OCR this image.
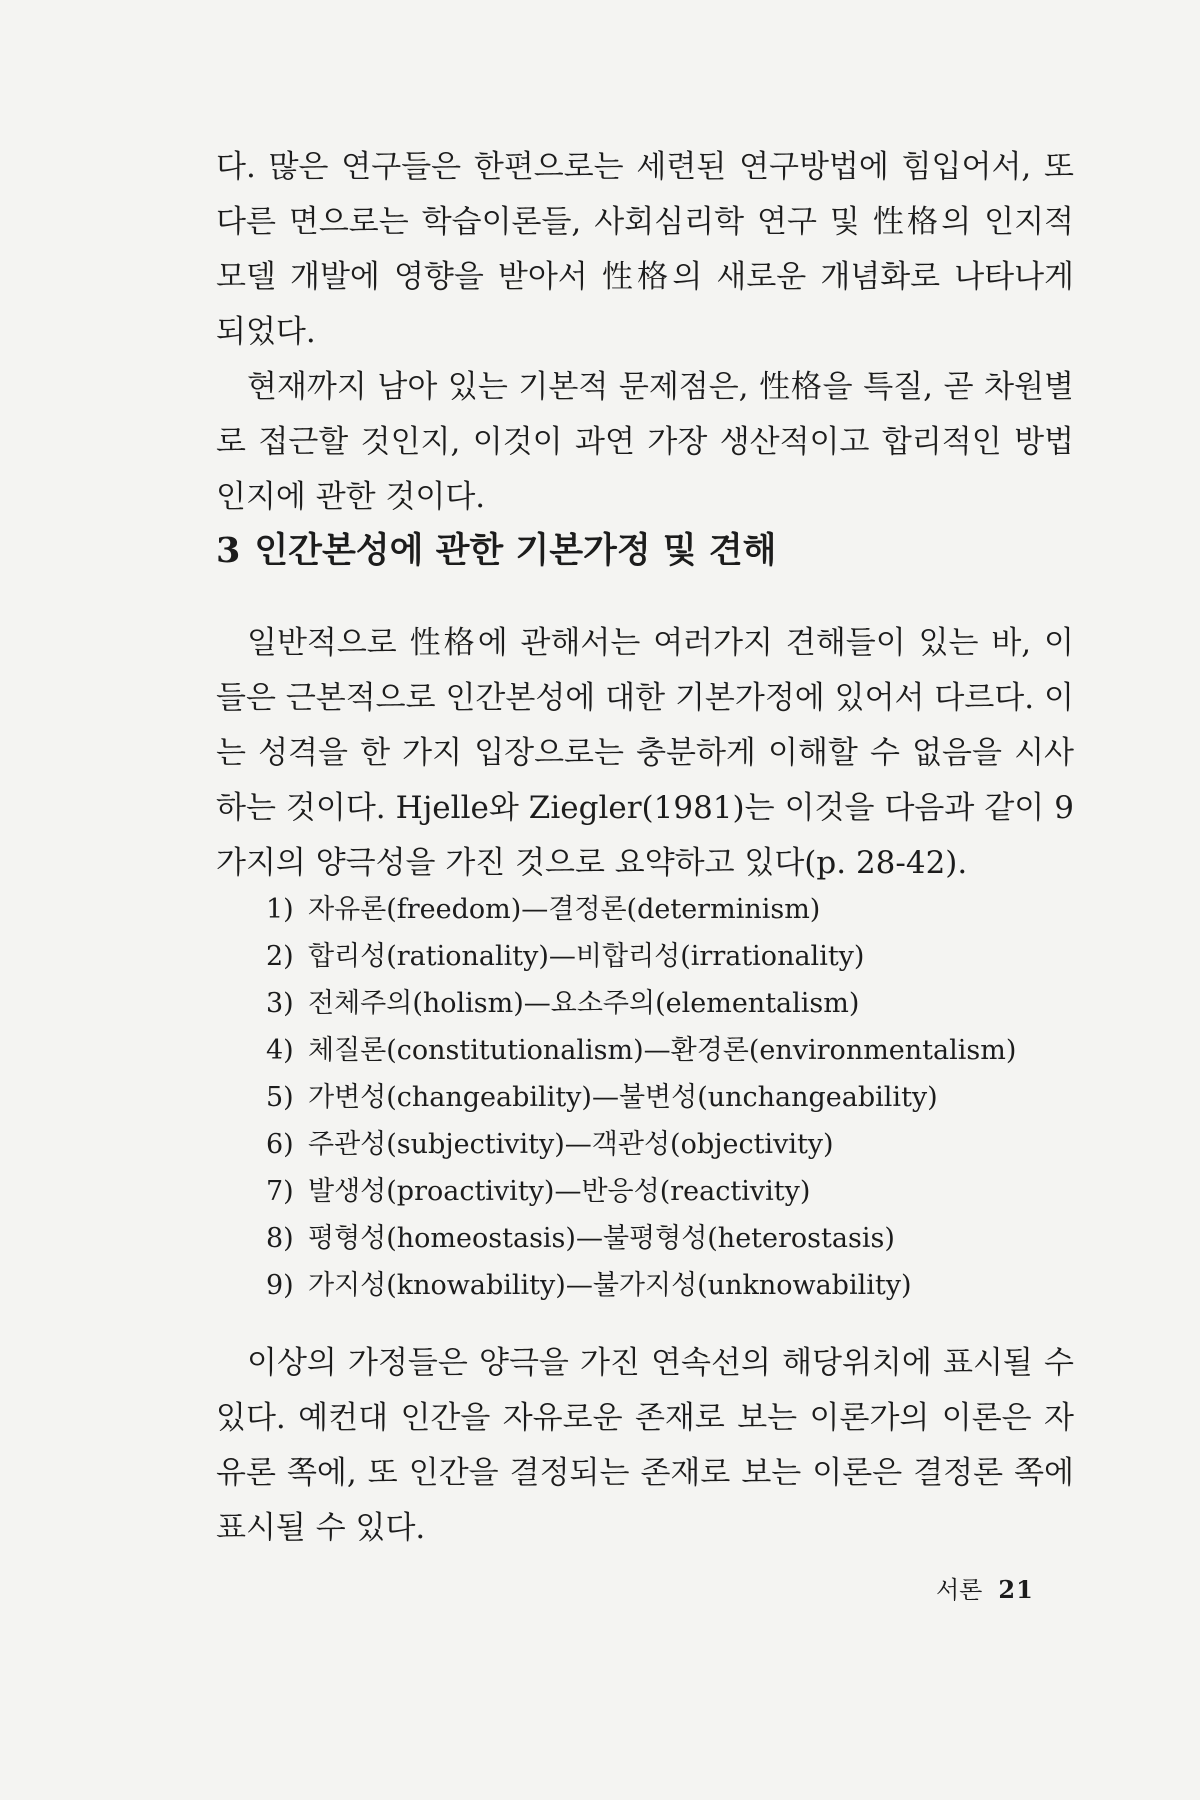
다. 많은 연구들은 한편으로는 세련된 연구방법에 힘입어서, 또 다른 면으로는 학습이론들, 사회심리학 연구 및 性格의 인지적 모델 개발에 영향을 받아서 性格의 새로운 개념화로 나타나게 되었다.

현재까지 남아 있는 기본적 문제점은, 性格을 특질, 곧 차원별로 접근할 것인지, 이것이 과연 가장 생산적이고 합리적인 방법인지에 관한 것이다.

3 인간본성에 관한 기본가정 및 견해

일반적으로 性格에 관해서는 여러가지 견해들이 있는 바, 이들은 근본적으로 인간본성에 대한 기본가정에 있어서 다르다. 이는 성격을 한 가지 입장으로는 충분하게 이해할 수 없음을 시사하는 것이다. Hjelle와 Ziegler(1981)는 이것을 다음과 같이 9가지의 양극성을 가진 것으로 요약하고 있다(p. 28-42).

1) 자유론(freedom)—결정론(determinism)
2) 합리성(rationality)—비합리성(irrationality)
3) 전체주의(holism)—요소주의(elementalism)
4) 체질론(constitutionalism)—환경론(environmentalism)
5) 가변성(changeability)—불변성(unchangeability)
6) 주관성(subjectivity)—객관성(objectivity)
7) 발생성(proactivity)—반응성(reactivity)
8) 평형성(homeostasis)—불평형성(heterostasis)
9) 가지성(knowability)—불가지성(unknowability)

이상의 가정들은 양극을 가진 연속선의 해당위치에 표시될 수 있다. 예컨대 인간을 자유로운 존재로 보는 이론가의 이론은 자유론 쪽에, 또 인간을 결정되는 존재로 보는 이론은 결정론 쪽에 표시될 수 있다.

서론 21
